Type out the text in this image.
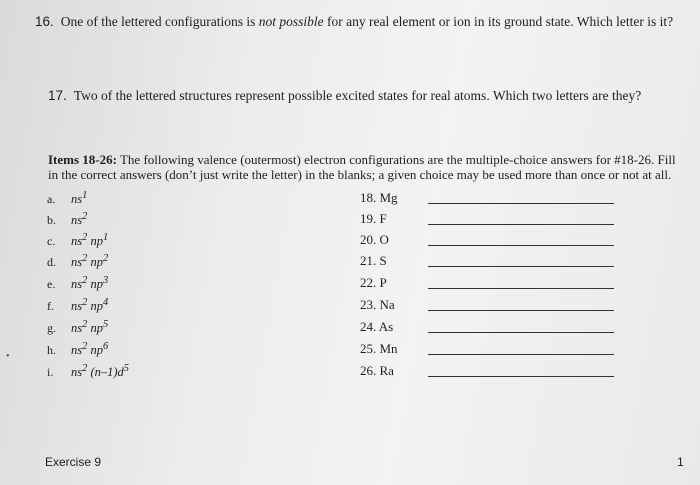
16. One of the lettered configurations is not possible for any real element or ion in its ground state. Which letter is it?
17. Two of the lettered structures represent possible excited states for real atoms. Which two letters are they?
Items 18-26: The following valence (outermost) electron configurations are the multiple-choice answers for #18-26. Fill in the correct answers (don’t just write the letter) in the blanks; a given choice may be used more than once or not at all.
a. $ns^1$
b. $ns^2$
c. $ns^2$ $np^1$
d. $ns^2$ $np^2$
e. $ns^2$ $np^3$
f. $ns^2$ $np^4$
g. $ns^2$ $np^5$
h. $ns^2$ $np^6$
i. $ns^2$ $(n-1)d^5$
18. Mg
19. F
20. O
21. S
22. P
23. Na
24. As
25. Mn
26. Ra
•
Exercise 9	1
